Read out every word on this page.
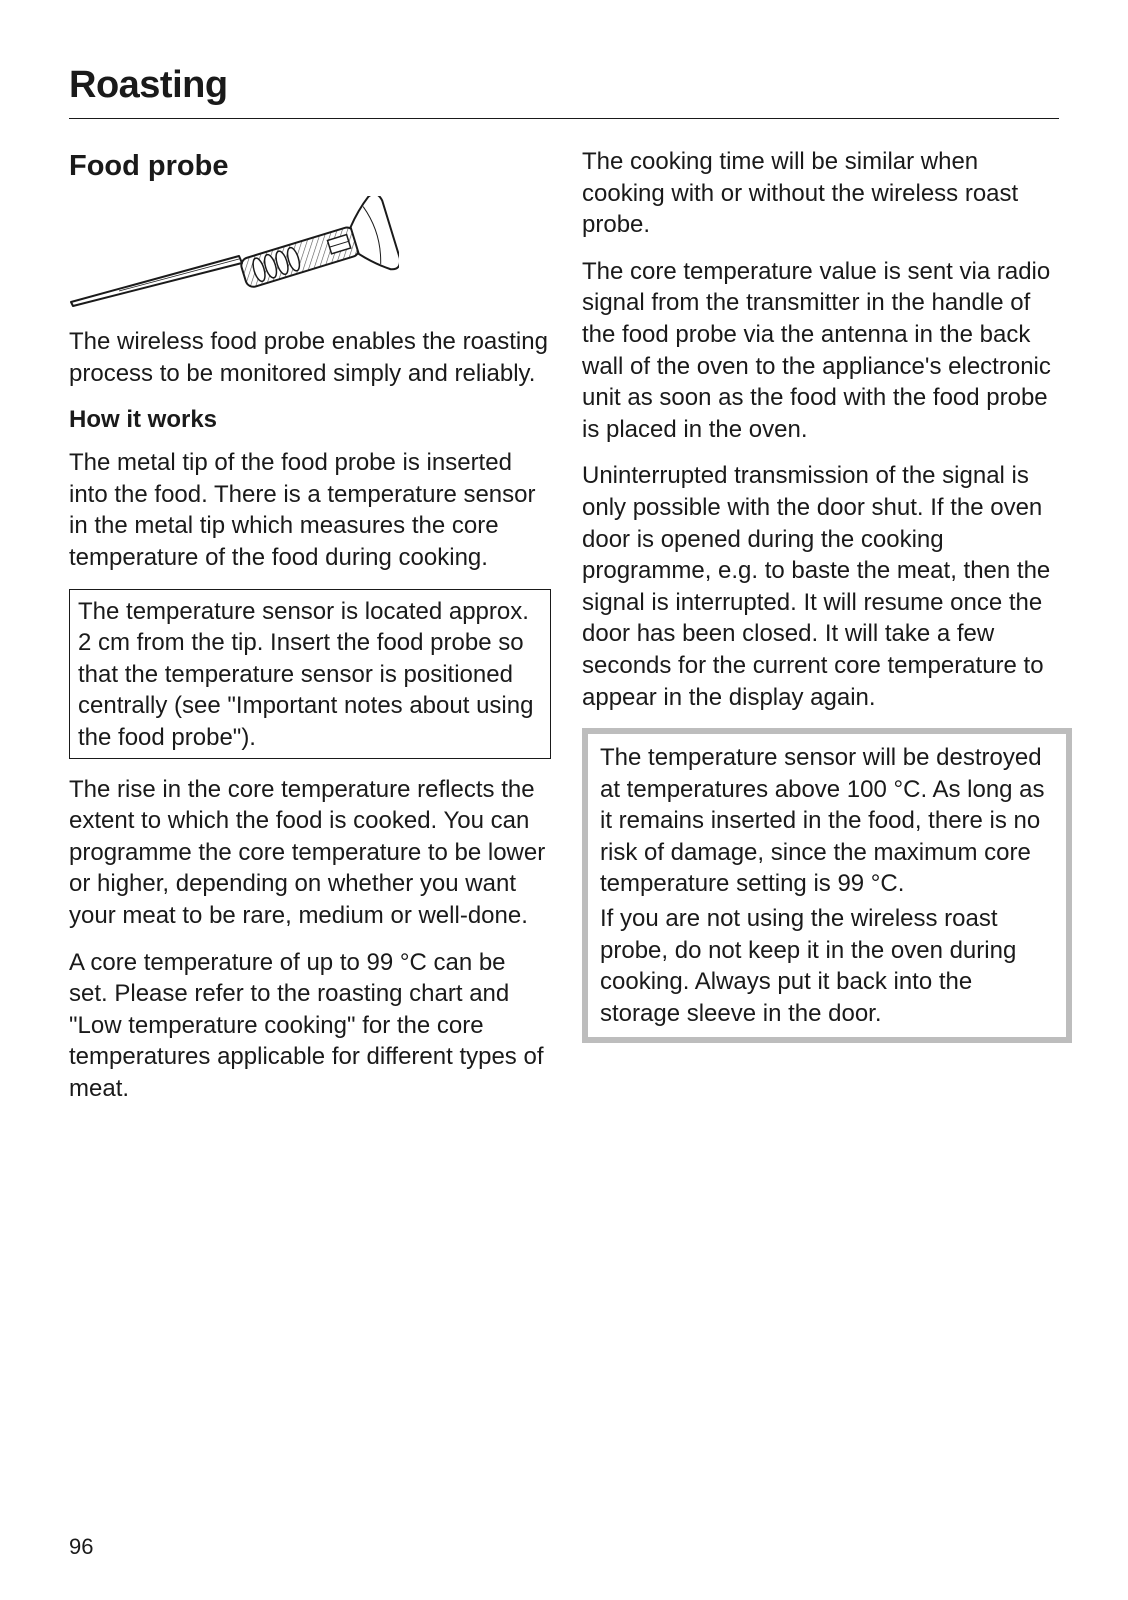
Roasting
Food probe

The wireless food probe enables the roasting process to be monitored simply and reliably.

How it works

The metal tip of the food probe is inserted into the food. There is a temperature sensor in the metal tip which measures the core temperature of the food during cooking.

The temperature sensor is located approx. 2 cm from the tip. Insert the food probe so that the temperature sensor is positioned centrally (see "Important notes about using the food probe").

The rise in the core temperature reflects the extent to which the food is cooked. You can programme the core temperature to be lower or higher, depending on whether you want your meat to be rare, medium or well-done.

A core temperature of up to 99 °C can be set. Please refer to the roasting chart and "Low temperature cooking" for the core temperatures applicable for different types of meat.

The cooking time will be similar when cooking with or without the wireless roast probe.

The core temperature value is sent via radio signal from the transmitter in the handle of the food probe via the antenna in the back wall of the oven to the appliance's electronic unit as soon as the food with the food probe is placed in the oven.

Uninterrupted transmission of the signal is only possible with the door shut. If the oven door is opened during the cooking programme, e.g. to baste the meat, then the signal is interrupted. It will resume once the door has been closed. It will take a few seconds for the current core temperature to appear in the display again.

The temperature sensor will be destroyed at temperatures above 100 °C. As long as it remains inserted in the food, there is no risk of damage, since the maximum core temperature setting is 99 °C.

If you are not using the wireless roast probe, do not keep it in the oven during cooking. Always put it back into the storage sleeve in the door.

96
